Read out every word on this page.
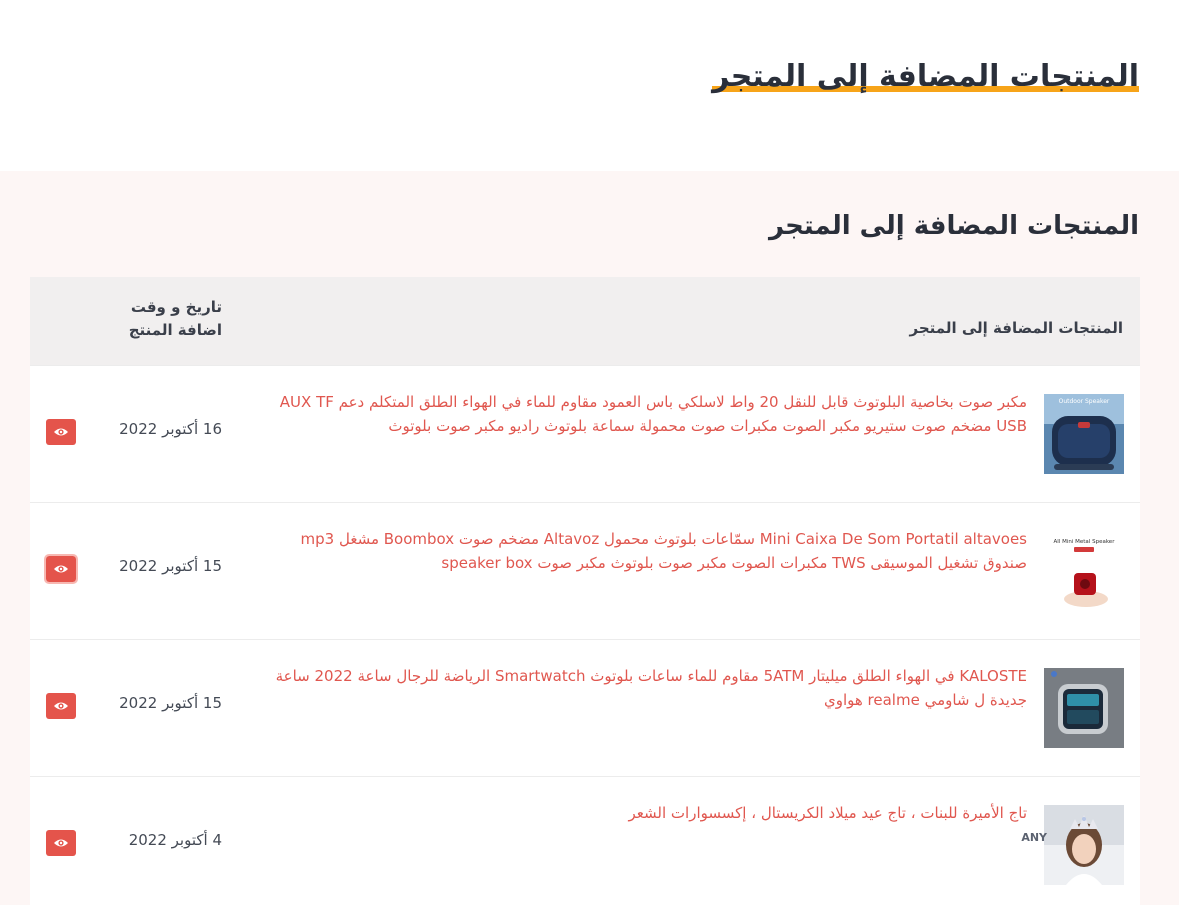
المنتجات المضافة إلى المتجر
المنتجات المضافة إلى المتجر
المنتجات المضافة إلى المتجر
تاريخ و وقت اضافة المنتج
Outdoor Speaker
مكبر صوت بخاصية البلوتوث قابل للنقل 20 واط لاسلكي باس العمود مقاوم للماء في الهواء الطلق المتكلم دعم AUX TF USB مضخم صوت ستيريو مكبر الصوت مكبرات صوت محمولة سماعة بلوتوث راديو مكبر صوت بلوتوث
16 أكتوبر 2022
All Mini Metal Speaker
Mini Caixa De Som Portatil altavoes سمّاعات بلوتوث محمول Altavoz مضخم صوت Boombox مشغل mp3 صندوق تشغيل الموسيقى TWS مكبرات الصوت مكبر صوت بلوتوث مكبر صوت speaker box
15 أكتوبر 2022
KALOSTE في الهواء الطلق ميليتار 5ATM مقاوم للماء ساعات بلوتوث Smartwatch الرياضة للرجال ساعة 2022 ساعة جديدة ل شاومي realme هواوي
15 أكتوبر 2022
ANY
تاج الأميرة للبنات ، تاج عيد ميلاد الكريستال ، إكسسوارات الشعر
4 أكتوبر 2022
